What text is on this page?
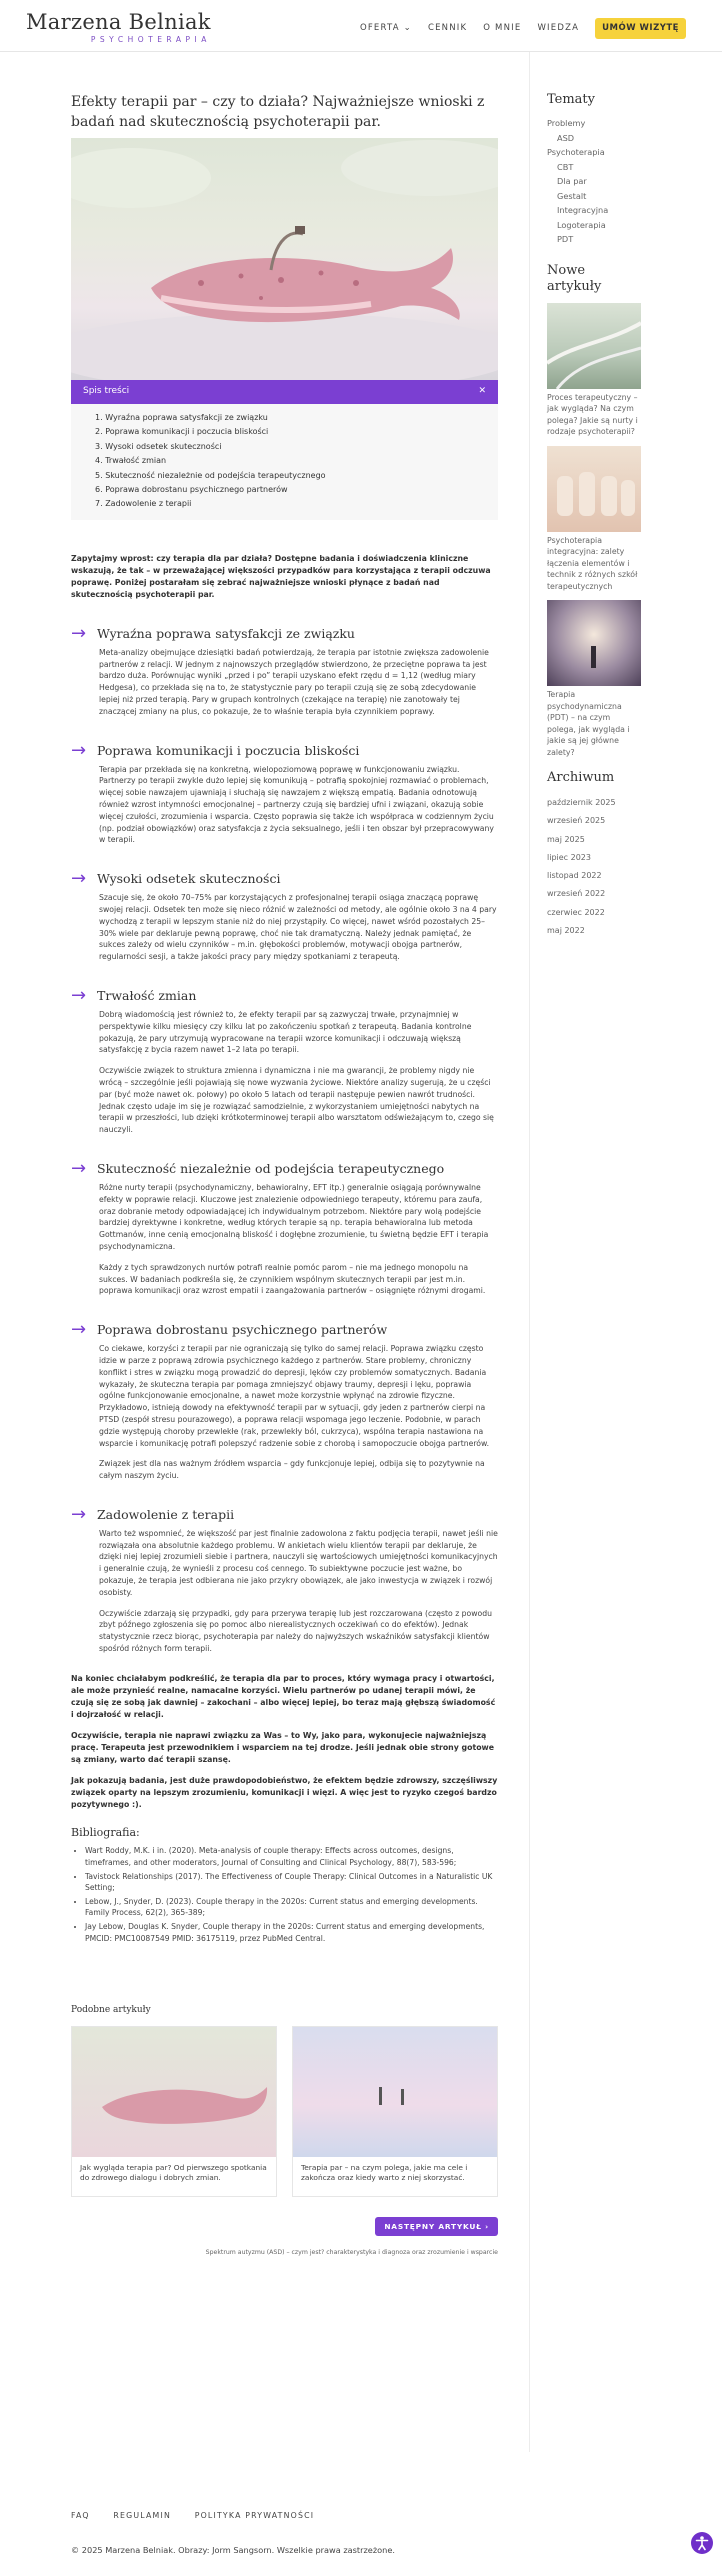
Marzena Belniak
PSYCHOTERAPIA
OFERTA ⌄ CENNIK O MNIE WIEDZA	UMÓW WIZYTĘ
Efekty terapii par – czy to działa? Najważniejsze wnioski z badań nad skutecznością psychoterapii par.
Spis treści	✕
1. Wyraźna poprawa satysfakcji ze związku
2. Poprawa komunikacji i poczucia bliskości
3. Wysoki odsetek skuteczności
4. Trwałość zmian
5. Skuteczność niezależnie od podejścia terapeutycznego
6. Poprawa dobrostanu psychicznego partnerów
7. Zadowolenie z terapii

Zapytajmy wprost: czy terapia dla par działa? Dostępne badania i doświadczenia kliniczne wskazują, że tak – w przeważającej większości przypadków para korzystająca z terapii odczuwa poprawę. Poniżej postarałam się zebrać najważniejsze wnioski płynące z badań nad skutecznością psychoterapii par.

→ Wyraźna poprawa satysfakcji ze związku

Meta-analizy obejmujące dziesiątki badań potwierdzają, że terapia par istotnie zwiększa zadowolenie partnerów z relacji. W jednym z najnowszych przeglądów stwierdzono, że przeciętne poprawa ta jest bardzo duża. Porównując wyniki „przed i po” terapii uzyskano efekt rzędu d = 1,12 (według miary Hedgesa), co przekłada się na to, że statystycznie pary po terapii czują się ze sobą zdecydowanie lepiej niż przed terapią. Pary w grupach kontrolnych (czekające na terapię) nie zanotowały tej znaczącej zmiany na plus, co pokazuje, że to właśnie terapia była czynnikiem poprawy.

→ Poprawa komunikacji i poczucia bliskości

Terapia par przekłada się na konkretną, wielopoziomową poprawę w funkcjonowaniu związku. Partnerzy po terapii zwykle dużo lepiej się komunikują – potrafią spokojniej rozmawiać o problemach, więcej sobie nawzajem ujawniają i słuchają się nawzajem z większą empatią. Badania odnotowują również wzrost intymności emocjonalnej – partnerzy czują się bardziej ufni i związani, okazują sobie więcej czułości, zrozumienia i wsparcia. Często poprawia się także ich współpraca w codziennym życiu (np. podział obowiązków) oraz satysfakcja z życia seksualnego, jeśli i ten obszar był przepracowywany w terapii.

→ Wysoki odsetek skuteczności

Szacuje się, że około 70–75% par korzystających z profesjonalnej terapii osiąga znaczącą poprawę swojej relacji. Odsetek ten może się nieco różnić w zależności od metody, ale ogólnie około 3 na 4 pary wychodzą z terapii w lepszym stanie niż do niej przystąpiły. Co więcej, nawet wśród pozostałych 25–30% wiele par deklaruje pewną poprawę, choć nie tak dramatyczną. Należy jednak pamiętać, że sukces zależy od wielu czynników – m.in. głębokości problemów, motywacji obojga partnerów, regularności sesji, a także jakości pracy pary między spotkaniami z terapeutą.

→ Trwałość zmian

Dobrą wiadomością jest również to, że efekty terapii par są zazwyczaj trwałe, przynajmniej w perspektywie kilku miesięcy czy kilku lat po zakończeniu spotkań z terapeutą. Badania kontrolne pokazują, że pary utrzymują wypracowane na terapii wzorce komunikacji i odczuwają większą satysfakcję z bycia razem nawet 1–2 lata po terapii.

Oczywiście związek to struktura zmienna i dynamiczna i nie ma gwarancji, że problemy nigdy nie wrócą – szczególnie jeśli pojawiają się nowe wyzwania życiowe. Niektóre analizy sugerują, że u części par (być może nawet ok. połowy) po około 5 latach od terapii następuje pewien nawrót trudności. Jednak często udaje im się je rozwiązać samodzielnie, z wykorzystaniem umiejętności nabytych na terapii w przeszłości, lub dzięki krótkoterminowej terapii albo warsztatom odświeżającym to, czego się nauczyli.

→ Skuteczność niezależnie od podejścia terapeutycznego

Różne nurty terapii (psychodynamiczny, behawioralny, EFT itp.) generalnie osiągają porównywalne efekty w poprawie relacji. Kluczowe jest znalezienie odpowiedniego terapeuty, któremu para zaufa, oraz dobranie metody odpowiadającej ich indywidualnym potrzebom. Niektóre pary wolą podejście bardziej dyrektywne i konkretne, według których terapie są np. terapia behawioralna lub metoda Gottmanów, inne cenią emocjonalną bliskość i dogłębne zrozumienie, tu świetną będzie EFT i terapia psychodynamiczna.

Każdy z tych sprawdzonych nurtów potrafi realnie pomóc parom – nie ma jednego monopolu na sukces. W badaniach podkreśla się, że czynnikiem wspólnym skutecznych terapii par jest m.in. poprawa komunikacji oraz wzrost empatii i zaangażowania partnerów – osiągnięte różnymi drogami.

→ Poprawa dobrostanu psychicznego partnerów

Co ciekawe, korzyści z terapii par nie ograniczają się tylko do samej relacji. Poprawa związku często idzie w parze z poprawą zdrowia psychicznego każdego z partnerów. Stare problemy, chroniczny konflikt i stres w związku mogą prowadzić do depresji, lęków czy problemów somatycznych. Badania wykazały, że skuteczna terapia par pomaga zmniejszyć objawy traumy, depresji i lęku, poprawia ogólne funkcjonowanie emocjonalne, a nawet może korzystnie wpłynąć na zdrowie fizyczne. Przykładowo, istnieją dowody na efektywność terapii par w sytuacji, gdy jeden z partnerów cierpi na PTSD (zespół stresu pourazowego), a poprawa relacji wspomaga jego leczenie. Podobnie, w parach gdzie występują choroby przewlekłe (rak, przewlekły ból, cukrzyca), wspólna terapia nastawiona na wsparcie i komunikację potrafi polepszyć radzenie sobie z chorobą i samopoczucie obojga partnerów.

Związek jest dla nas ważnym źródłem wsparcia – gdy funkcjonuje lepiej, odbija się to pozytywnie na całym naszym życiu.

→ Zadowolenie z terapii

Warto też wspomnieć, że większość par jest finalnie zadowolona z faktu podjęcia terapii, nawet jeśli nie rozwiązała ona absolutnie każdego problemu. W ankietach wielu klientów terapii par deklaruje, że dzięki niej lepiej zrozumieli siebie i partnera, nauczyli się wartościowych umiejętności komunikacyjnych i generalnie czują, że wynieśli z procesu coś cennego. To subiektywne poczucie jest ważne, bo pokazuje, że terapia jest odbierana nie jako przykry obowiązek, ale jako inwestycja w związek i rozwój osobisty.

Oczywiście zdarzają się przypadki, gdy para przerywa terapię lub jest rozczarowana (często z powodu zbyt późnego zgłoszenia się po pomoc albo nierealistycznych oczekiwań co do efektów). Jednak statystycznie rzecz biorąc, psychoterapia par należy do najwyższych wskaźników satysfakcji klientów spośród różnych form terapii.

Na koniec chciałabym podkreślić, że terapia dla par to proces, który wymaga pracy i otwartości, ale może przynieść realne, namacalne korzyści. Wielu partnerów po udanej terapii mówi, że czują się ze sobą jak dawniej – zakochani – albo więcej lepiej, bo teraz mają głębszą świadomość i dojrzałość w relacji.

Oczywiście, terapia nie naprawi związku za Was – to Wy, jako para, wykonujecie najważniejszą pracę. Terapeuta jest przewodnikiem i wsparciem na tej drodze. Jeśli jednak obie strony gotowe są zmiany, warto dać terapii szansę.

Jak pokazują badania, jest duże prawdopodobieństwo, że efektem będzie zdrowszy, szczęśliwszy związek oparty na lepszym zrozumieniu, komunikacji i więzi. A więc jest to ryzyko czegoś bardzo pozytywnego :).

Bibliografia:
• Wart Roddy, M.K. i in. (2020). Meta-analysis of couple therapy: Effects across outcomes, designs, timeframes, and other moderators, Journal of Consulting and Clinical Psychology, 88(7), 583-596;
• Tavistock Relationships (2017). The Effectiveness of Couple Therapy: Clinical Outcomes in a Naturalistic UK Setting;
• Lebow, J., Snyder, D. (2023). Couple therapy in the 2020s: Current status and emerging developments. Family Process, 62(2), 365-389;
• Jay Lebow, Douglas K. Snyder, Couple therapy in the 2020s: Current status and emerging developments, PMCID: PMC10087549 PMID: 36175119, przez PubMed Central.
Podobne artykuły
Jak wygląda terapia par? Od pierwszego spotkania do zdrowego dialogu i dobrych zmian.
Terapia par – na czym polega, jakie ma cele i zakończa oraz kiedy warto z niej skorzystać.
NASTĘPNY ARTYKUŁ ›
Spektrum autyzmu (ASD) – czym jest? charakterystyka i diagnoza oraz zrozumienie i wsparcie
Tematy
Problemy
ASD
Psychoterapia
CBT
Dla par
Gestalt
Integracyjna
Logoterapia
PDT
Nowe artykuły
Proces terapeutyczny – jak wygląda? Na czym polega? Jakie są nurty i rodzaje psychoterapii?
Psychoterapia integracyjna: zalety łączenia elementów i technik z różnych szkół terapeutycznych
Terapia psychodynamiczna (PDT) – na czym polega, jak wygląda i jakie są jej główne zalety?
Archiwum
październik 2025
wrzesień 2025
maj 2025
lipiec 2023
listopad 2022
wrzesień 2022
czerwiec 2022
maj 2022
FAQ	REGULAMIN	POLITYKA PRYWATNOŚCI
© 2025 Marzena Belniak. Obrazy: Jorm Sangsorn. Wszelkie prawa zastrzeżone.
